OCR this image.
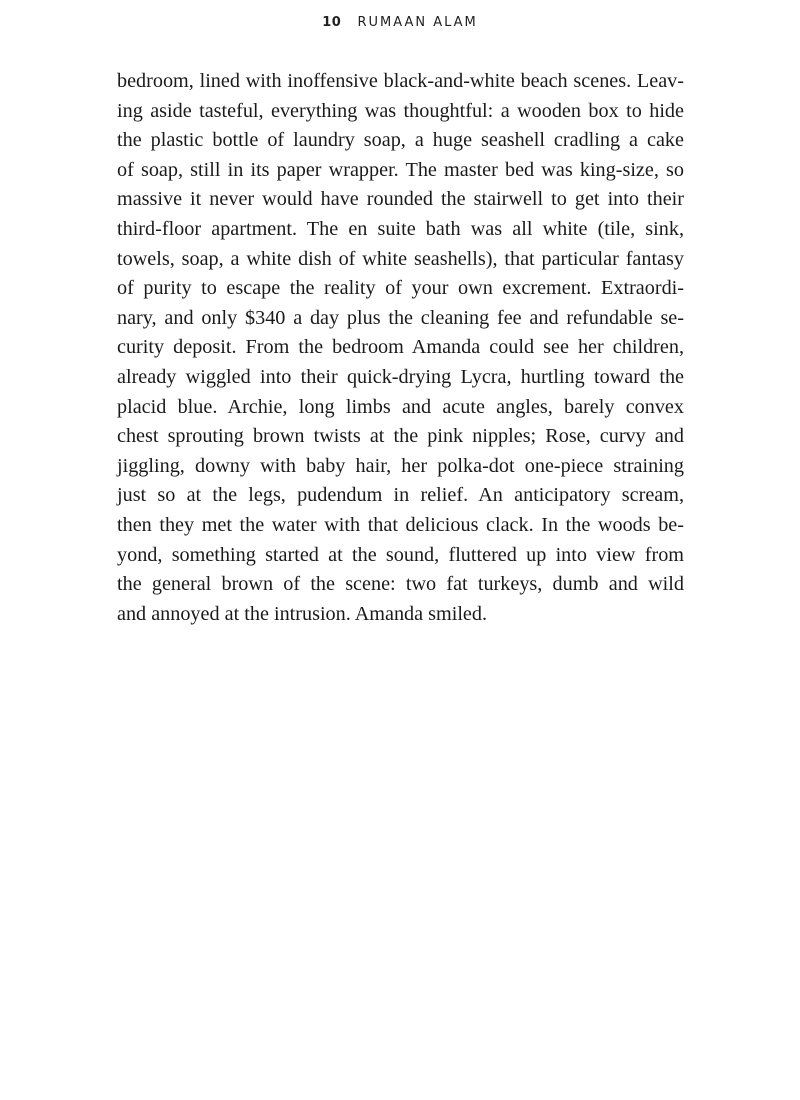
10 RUMAAN ALAM
bedroom, lined with inoffensive black-and-white beach scenes. Leav-
ing aside tasteful, everything was thoughtful: a wooden box to hide
the plastic bottle of laundry soap, a huge seashell cradling a cake
of soap, still in its paper wrapper. The master bed was king-size, so
massive it never would have rounded the stairwell to get into their
third-floor apartment. The en suite bath was all white (tile, sink,
towels, soap, a white dish of white seashells), that particular fantasy
of purity to escape the reality of your own excrement. Extraordi-
nary, and only $340 a day plus the cleaning fee and refundable se-
curity deposit. From the bedroom Amanda could see her children,
already wiggled into their quick-drying Lycra, hurtling toward the
placid blue. Archie, long limbs and acute angles, barely convex
chest sprouting brown twists at the pink nipples; Rose, curvy and
jiggling, downy with baby hair, her polka-dot one-piece straining
just so at the legs, pudendum in relief. An anticipatory scream,
then they met the water with that delicious clack. In the woods be-
yond, something started at the sound, fluttered up into view from
the general brown of the scene: two fat turkeys, dumb and wild
and annoyed at the intrusion. Amanda smiled.
